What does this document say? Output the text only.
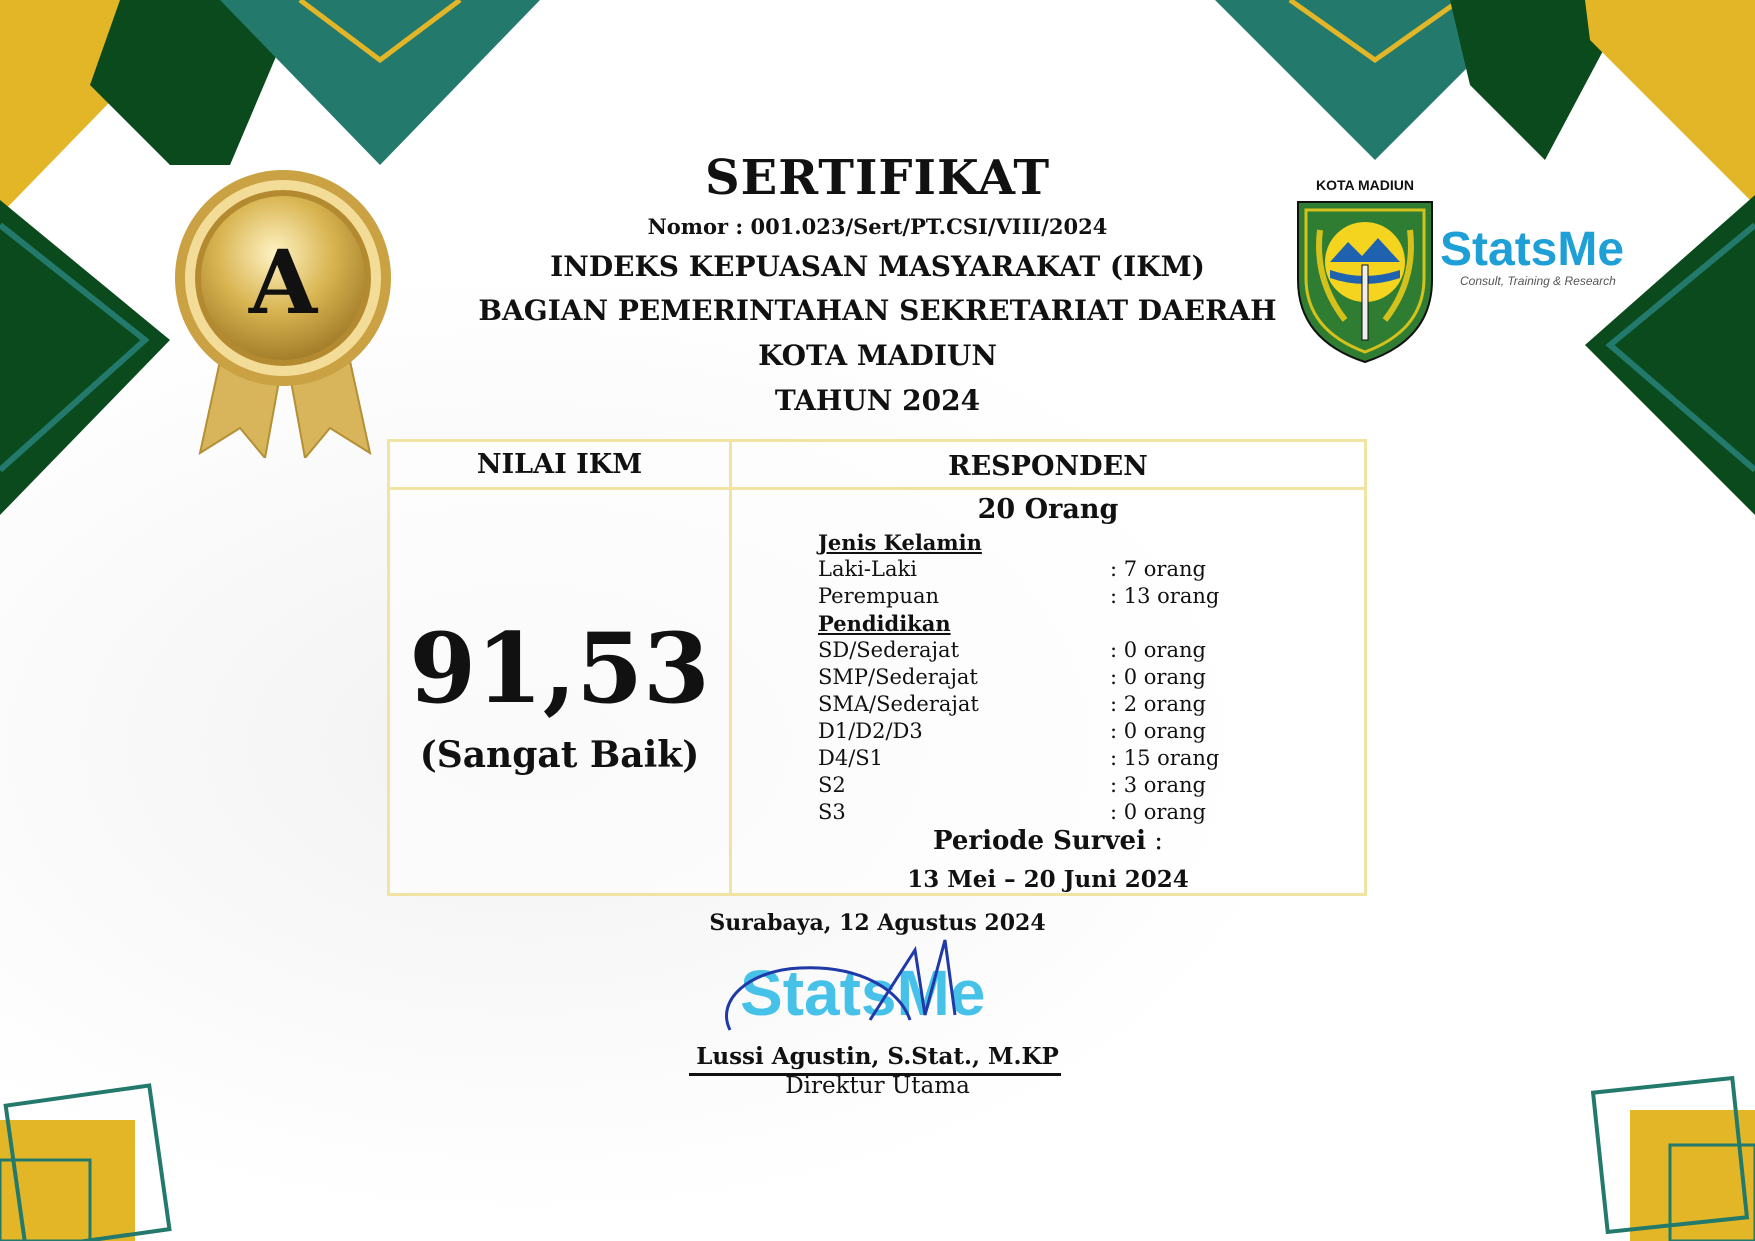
A
KOTA MADIUN
StatsMe
Consult, Training & Research
SERTIFIKAT
Nomor : 001.023/Sert/PT.CSI/VIII/2024
INDEKS KEPUASAN MASYARAKAT (IKM)
BAGIAN PEMERINTAHAN SEKRETARIAT DAERAH
KOTA MADIUN
TAHUN 2024
NILAI IKM	RESPONDEN
91,53
(Sangat Baik)
20 Orang
Jenis Kelamin
Laki-Laki	: 7 orang
Perempuan	: 13 orang
Pendidikan
SD/Sederajat	: 0 orang
SMP/Sederajat	: 0 orang
SMA/Sederajat	: 2 orang
D1/D2/D3	: 0 orang
D4/S1	: 15 orang
S2	: 3 orang
S3	: 0 orang
Periode Survei :
13 Mei – 20 Juni 2024
Surabaya, 12 Agustus 2024
StatsMe
Lussi Agustin, S.Stat., M.KP
Direktur Utama
